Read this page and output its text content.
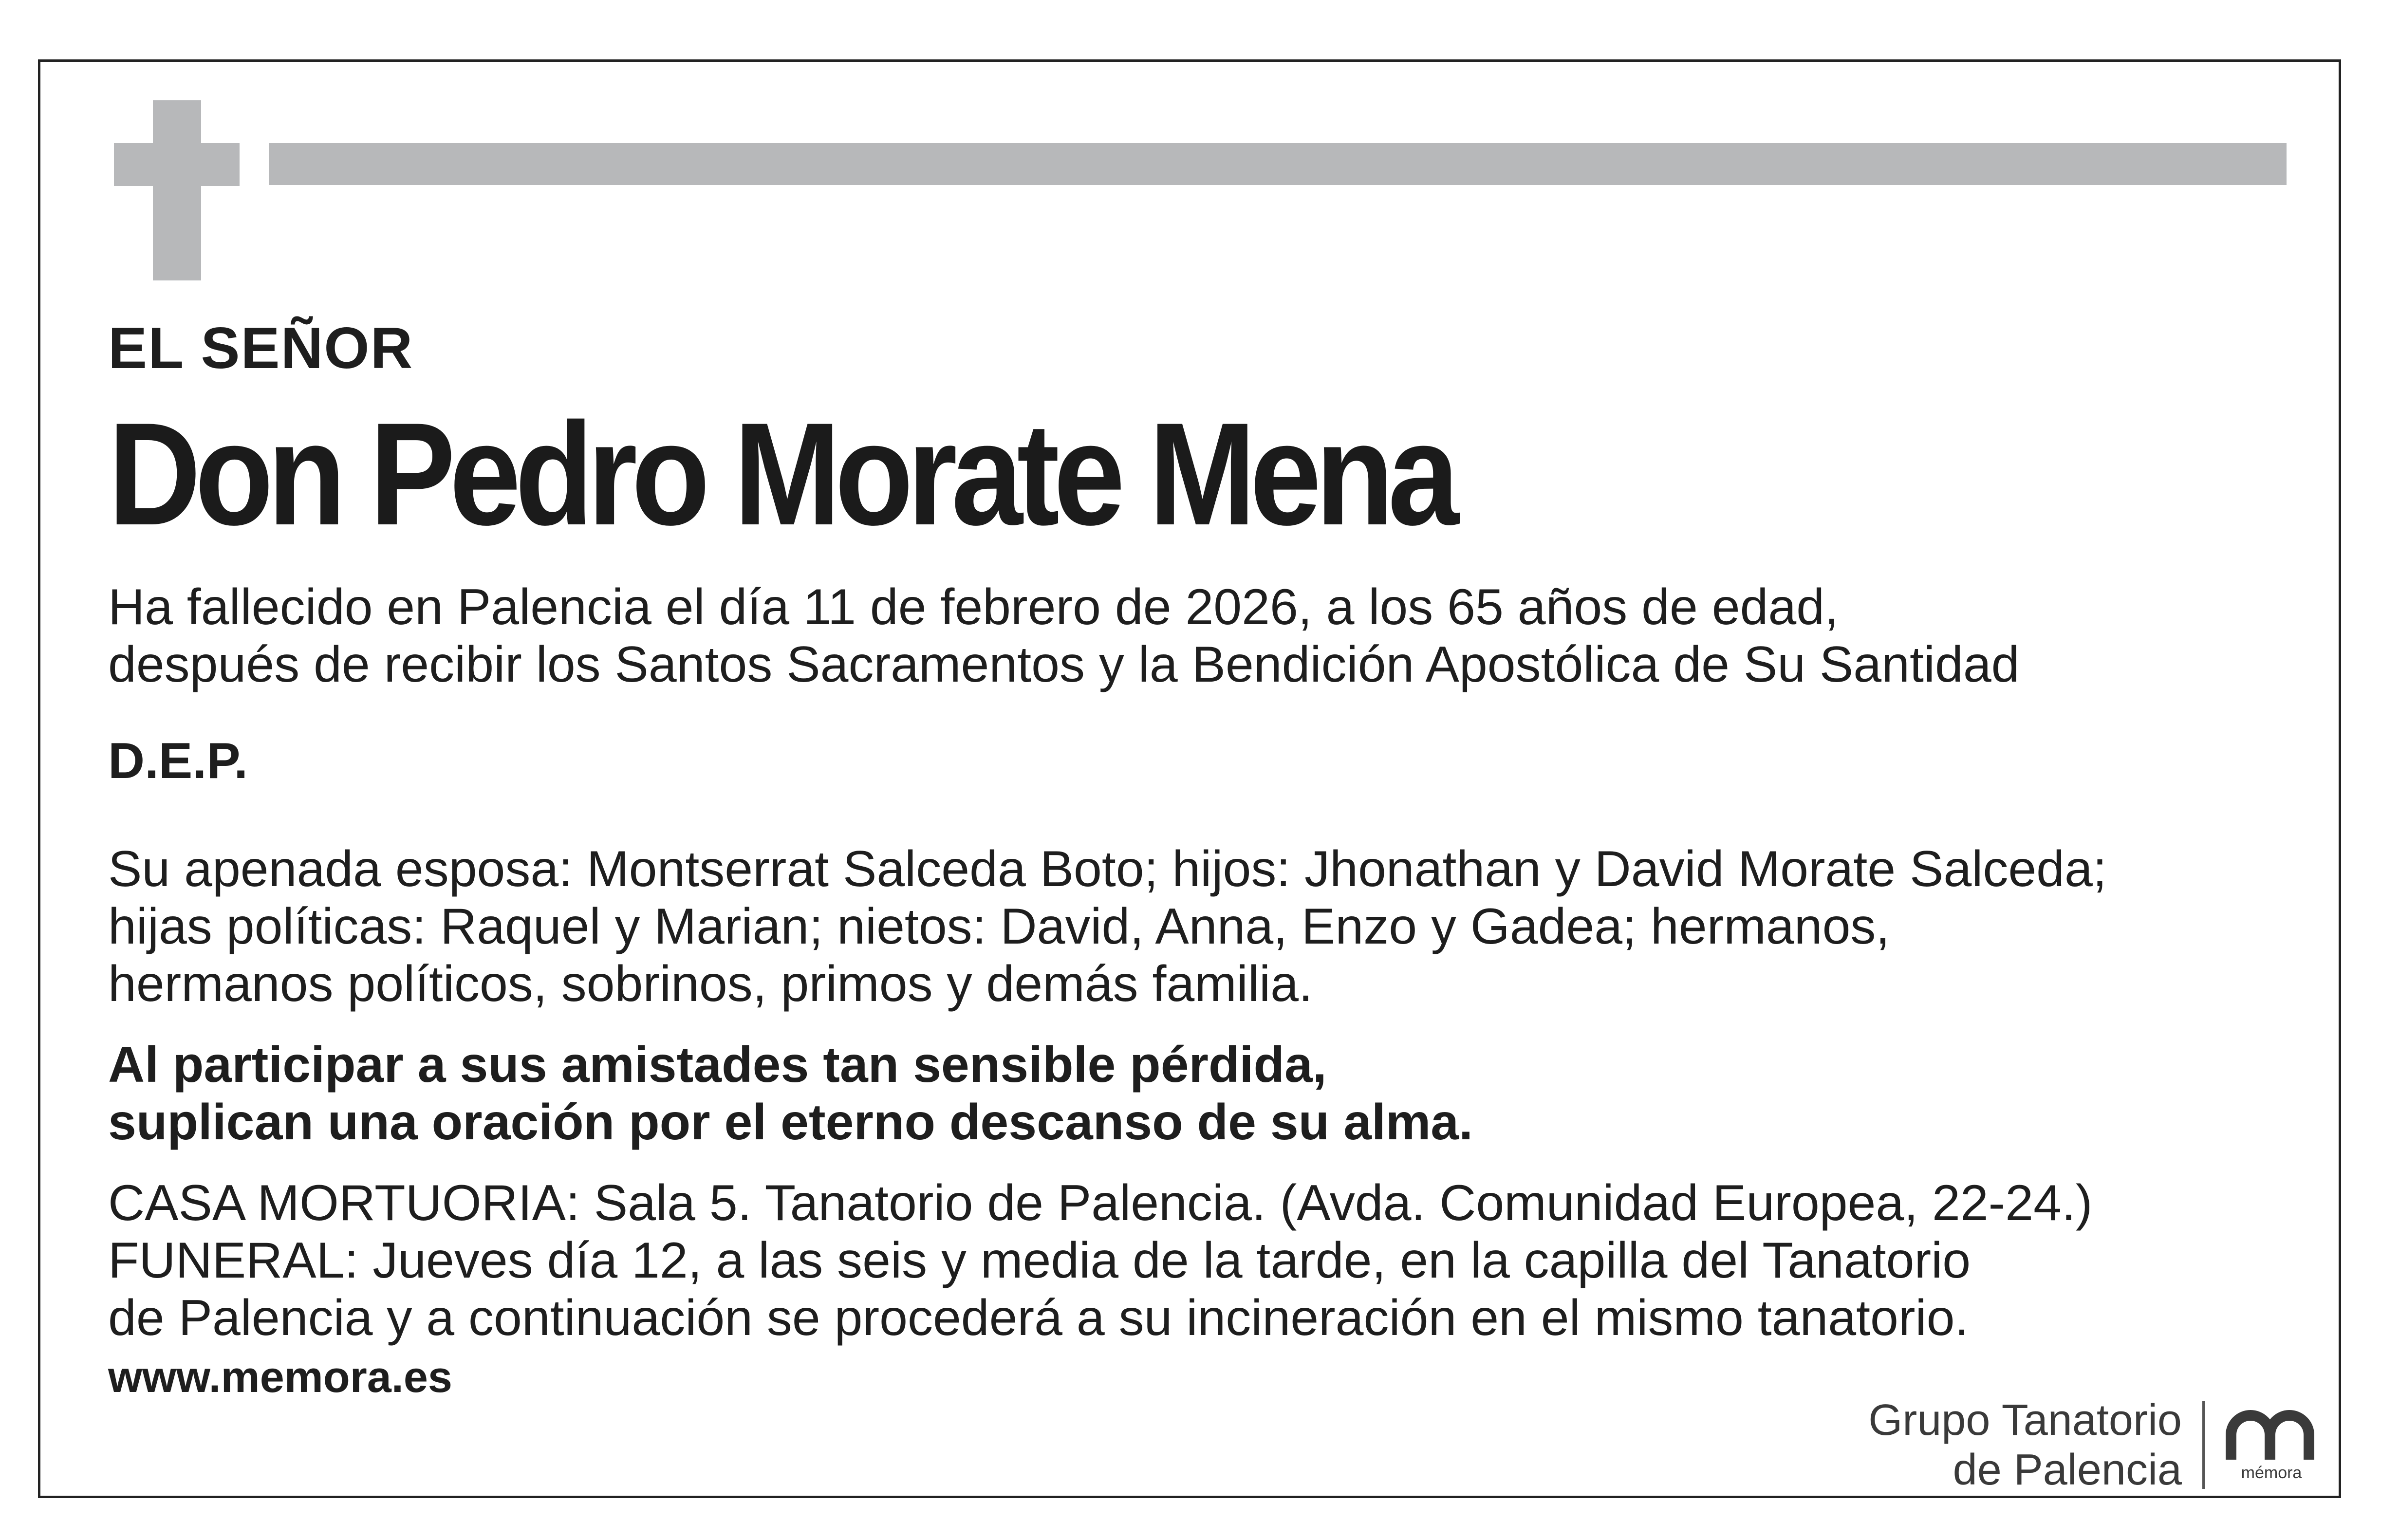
EL SEÑOR

Don Pedro Morate Mena

Ha fallecido en Palencia el día 11 de febrero de 2026, a los 65 años de edad,

después de recibir los Santos Sacramentos y la Bendición Apostólica de Su Santidad

D.E.P.

Su apenada esposa: Montserrat Salceda Boto; hijos: Jhonathan y David Morate Salceda;

hijas políticas: Raquel y Marian; nietos: David, Anna, Enzo y Gadea; hermanos,

hermanos políticos, sobrinos, primos y demás familia.

Al participar a sus amistades tan sensible pérdida,

suplican una oración por el eterno descanso de su alma.

CASA MORTUORIA: Sala 5. Tanatorio de Palencia. (Avda. Comunidad Europea, 22-24.)

FUNERAL: Jueves día 12, a las seis y media de la tarde, en la capilla del Tanatorio

de Palencia y a continuación se procederá a su incineración en el mismo tanatorio.

www.memora.es

Grupo Tanatorio
de Palencia	mémora
